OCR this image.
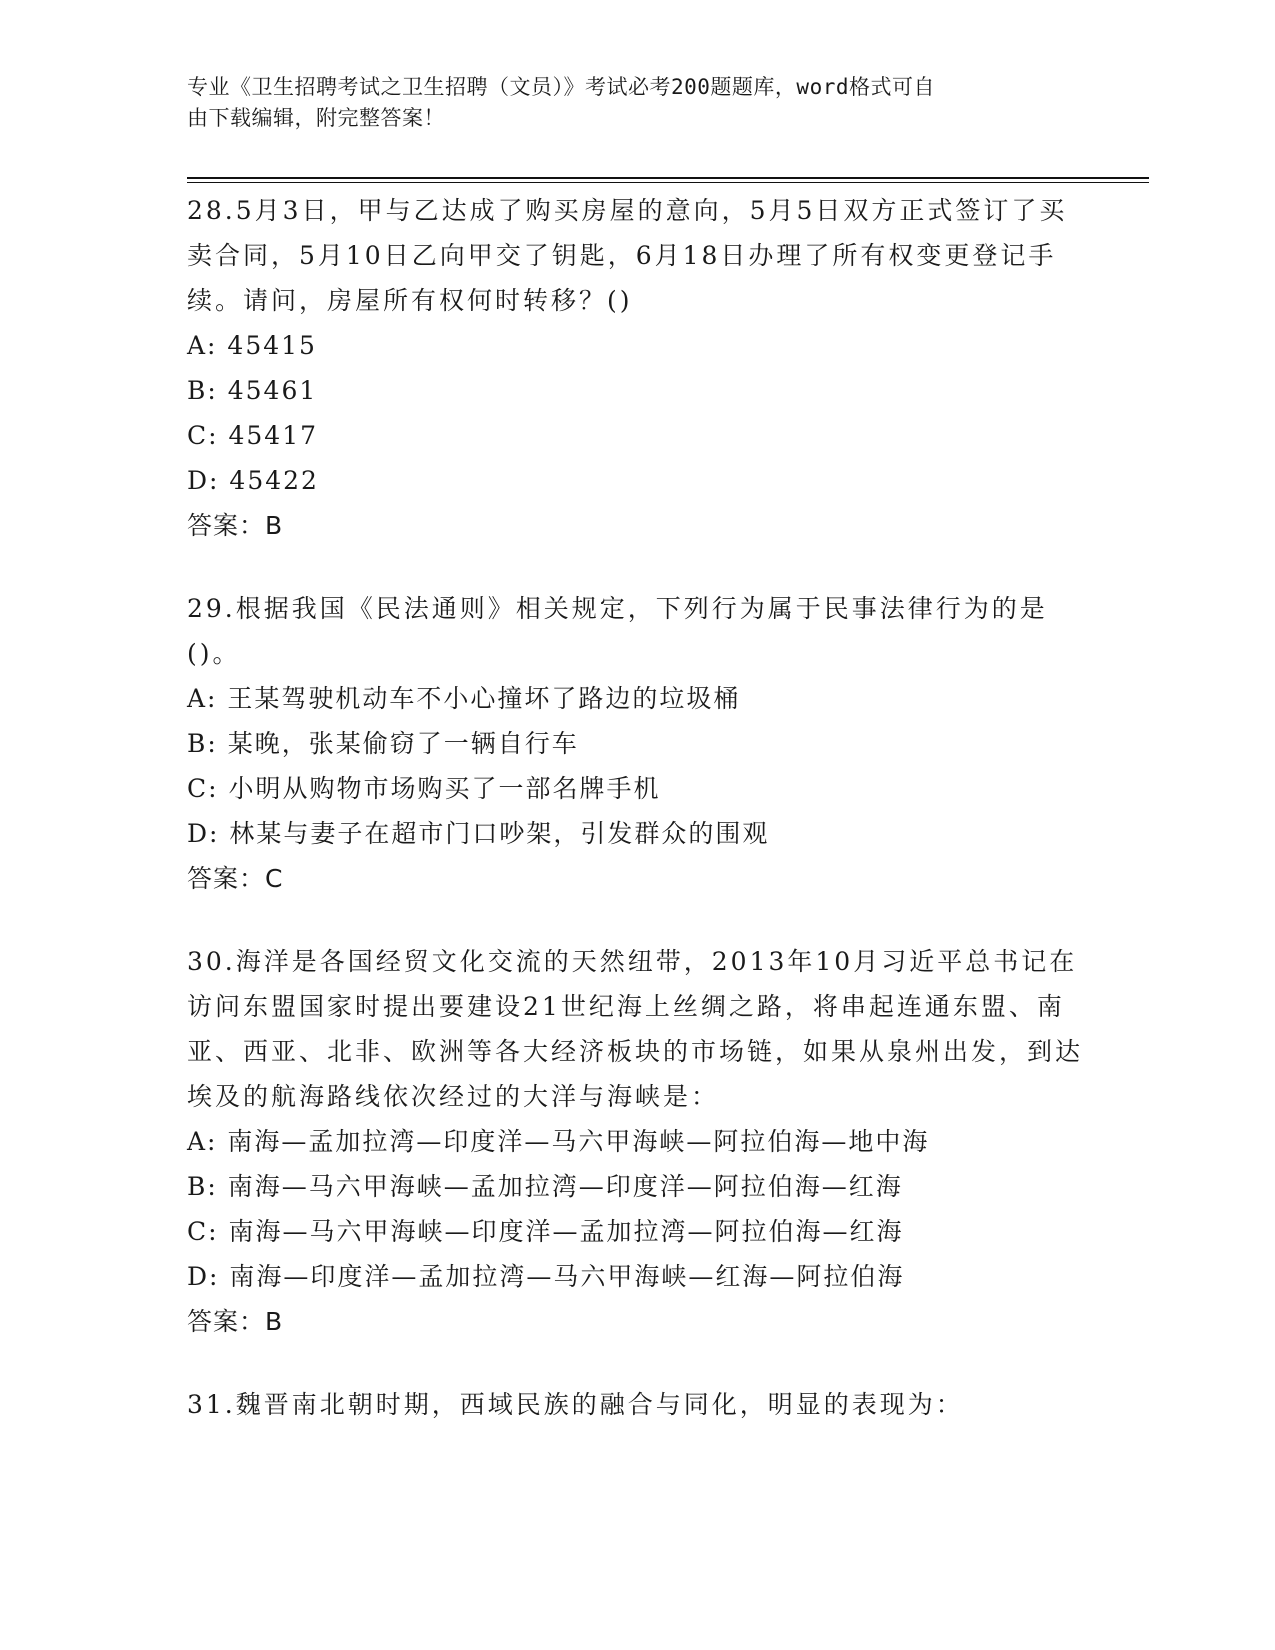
专业《卫生招聘考试之卫生招聘（文员）》考试必考200题题库，word格式可自
由下载编辑，附完整答案！
28.5月3日，甲与乙达成了购买房屋的意向，5月5日双方正式签订了买卖合同，5月10日乙向甲交了钥匙，6月18日办理了所有权变更登记手续。请问，房屋所有权何时转移？()
A: 45415
B: 45461
C: 45417
D: 45422
答案：B
29.根据我国《民法通则》相关规定，下列行为属于民事法律行为的是()。
A: 王某驾驶机动车不小心撞坏了路边的垃圾桶
B: 某晚，张某偷窃了一辆自行车
C: 小明从购物市场购买了一部名牌手机
D: 林某与妻子在超市门口吵架，引发群众的围观
答案：C
30.海洋是各国经贸文化交流的天然纽带，2013年10月习近平总书记在访问东盟国家时提出要建设21世纪海上丝绸之路，将串起连通东盟、南亚、西亚、北非、欧洲等各大经济板块的市场链，如果从泉州出发，到达埃及的航海路线依次经过的大洋与海峡是：
A: 南海—孟加拉湾—印度洋—马六甲海峡—阿拉伯海—地中海
B: 南海—马六甲海峡—孟加拉湾—印度洋—阿拉伯海—红海
C: 南海—马六甲海峡—印度洋—孟加拉湾—阿拉伯海—红海
D: 南海—印度洋—孟加拉湾—马六甲海峡—红海—阿拉伯海
答案：B
31.魏晋南北朝时期，西域民族的融合与同化，明显的表现为：
